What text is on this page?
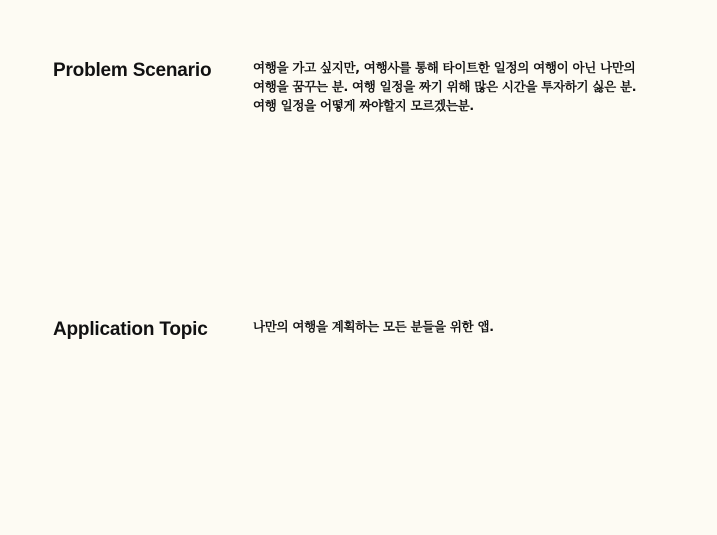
Problem Scenario	여행을 가고 싶지만, 여행사를 통해 타이트한 일정의 여행이 아닌 나만의
여행을 꿈꾸는 분. 여행 일정을 짜기 위해 많은 시간을 투자하기 싫은 분.
여행 일정을 어떻게 짜야할지 모르겠는분.

Application Topic	나만의 여행을 계획하는 모든 분들을 위한 앱.
